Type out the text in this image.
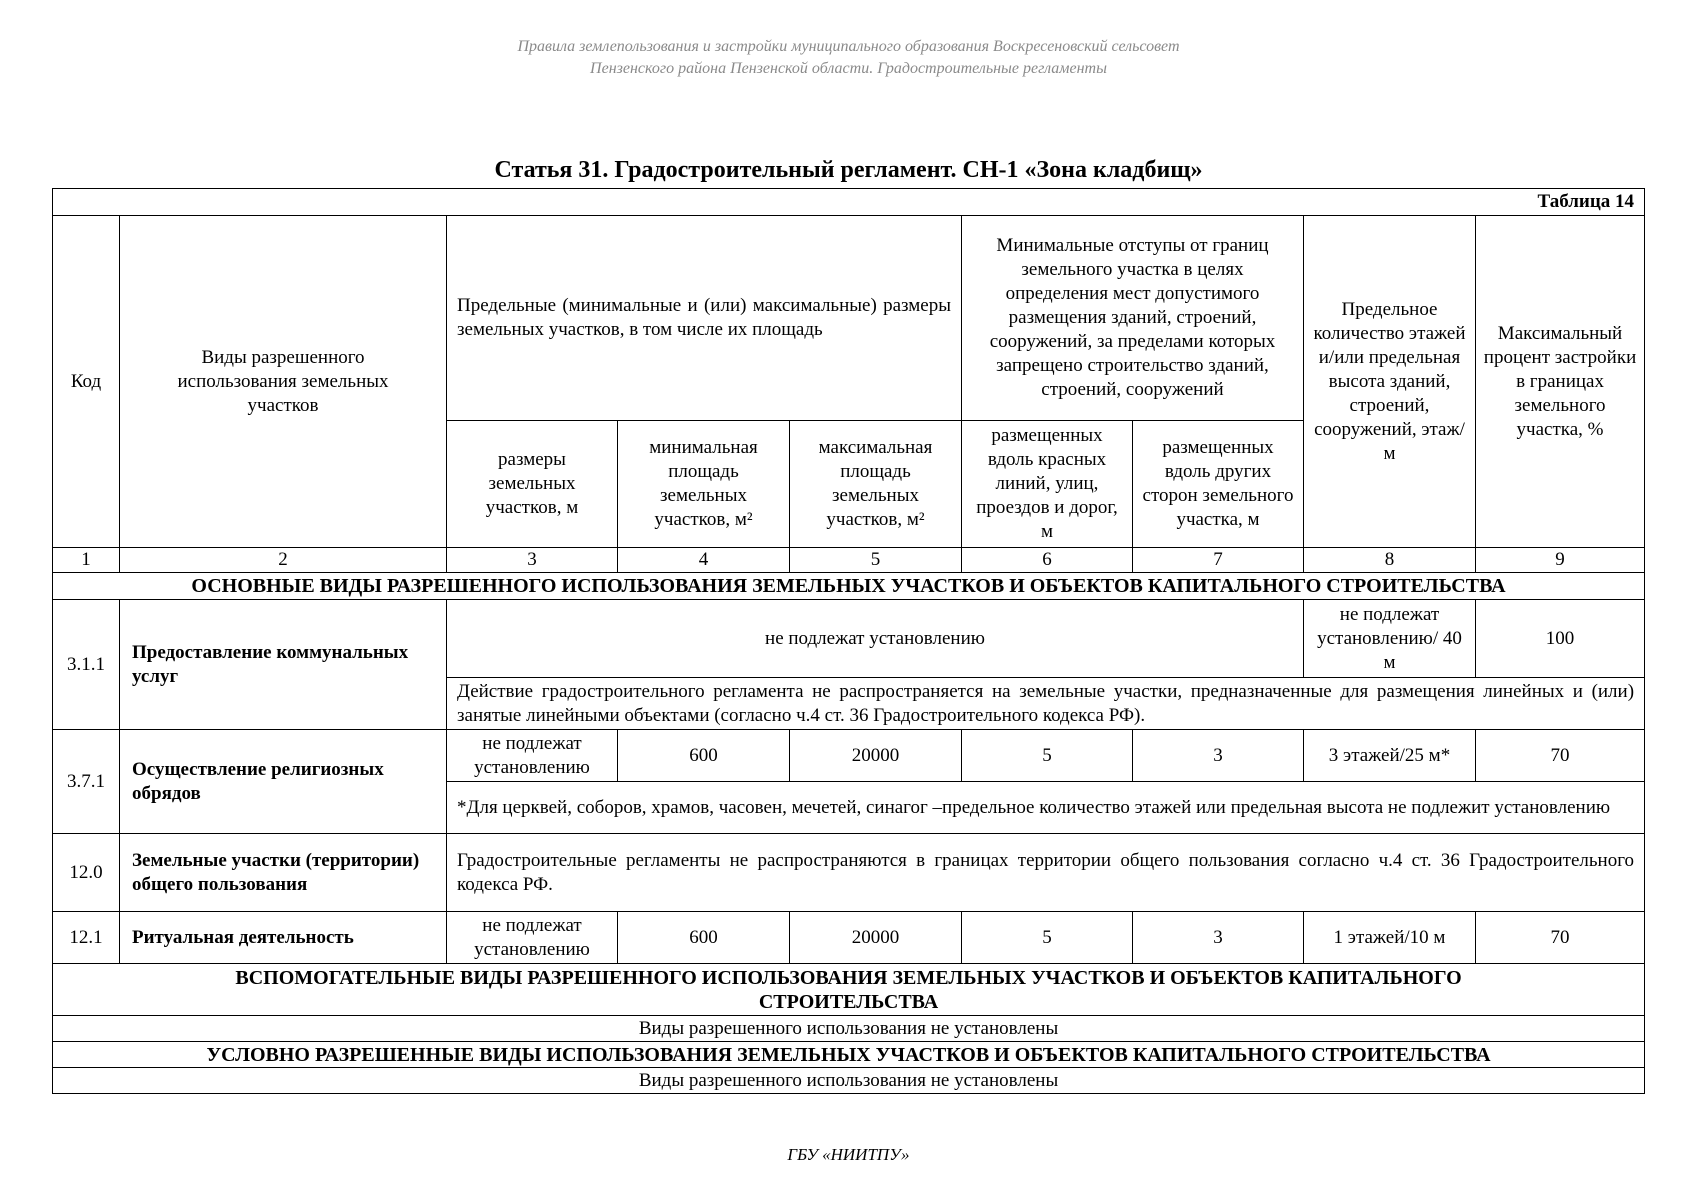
Правила землепользования и застройки муниципального образования Воскресеновский сельсовет
Пензенского района Пензенской области. Градостроительные регламенты
Статья 31. Градостроительный регламент. СН-1 «Зона кладбищ»
Таблица 14								
Код	Виды разрешенного использования земельных участков	Предельные (минимальные и (или) максимальные) размеры земельных участков, в том числе их площадь			Минимальные отступы от границ земельного участка в целях определения мест допустимого размещения зданий, строений, сооружений, за пределами которых запрещено строительство зданий, строений, сооружений		Предельное количество этажей и/или предельная высота зданий, строений, сооружений, этаж/м	Максимальный процент застройки в границах земельного участка, %
		размеры земельных участков, м	минимальная площадь земельных участков, м²	максимальная площадь земельных участков, м²	размещенных вдоль красных линий, улиц, проездов и дорог, м	размещенных вдоль других сторон земельного участка, м		
1	2	3	4	5	6	7	8	9
ОСНОВНЫЕ ВИДЫ РАЗРЕШЕННОГО ИСПОЛЬЗОВАНИЯ ЗЕМЕЛЬНЫХ УЧАСТКОВ И ОБЪЕКТОВ КАПИТАЛЬНОГО СТРОИТЕЛЬСТВА								
3.1.1	Предоставление коммунальных услуг	не подлежат установлению					не подлежат установлению/ 40 м	100
		Действие градостроительного регламента не распространяется на земельные участки, предназначенные для размещения линейных и (или) занятые линейными объектами (согласно ч.4 ст. 36 Градостроительного кодекса РФ).						
3.7.1	Осуществление религиозных обрядов	не подлежат установлению	600	20000	5	3	3 этажей/25 м*	70
		*Для церквей, соборов, храмов, часовен, мечетей, синагог –предельное количество этажей или предельная высота не подлежит установлению						
12.0	Земельные участки (территории) общего пользования	Градостроительные регламенты не распространяются в границах территории общего пользования согласно ч.4 ст. 36 Градостроительного кодекса РФ.						
12.1	Ритуальная деятельность	не подлежат установлению	600	20000	5	3	1 этажей/10 м	70
ВСПОМОГАТЕЛЬНЫЕ ВИДЫ РАЗРЕШЕННОГО ИСПОЛЬЗОВАНИЯ ЗЕМЕЛЬНЫХ УЧАСТКОВ И ОБЪЕКТОВ КАПИТАЛЬНОГО СТРОИТЕЛЬСТВА								
Виды разрешенного использования не установлены								
УСЛОВНО РАЗРЕШЕННЫЕ ВИДЫ ИСПОЛЬЗОВАНИЯ ЗЕМЕЛЬНЫХ УЧАСТКОВ И ОБЪЕКТОВ КАПИТАЛЬНОГО СТРОИТЕЛЬСТВА								
Виды разрешенного использования не установлены								
ГБУ «НИИТПУ»
